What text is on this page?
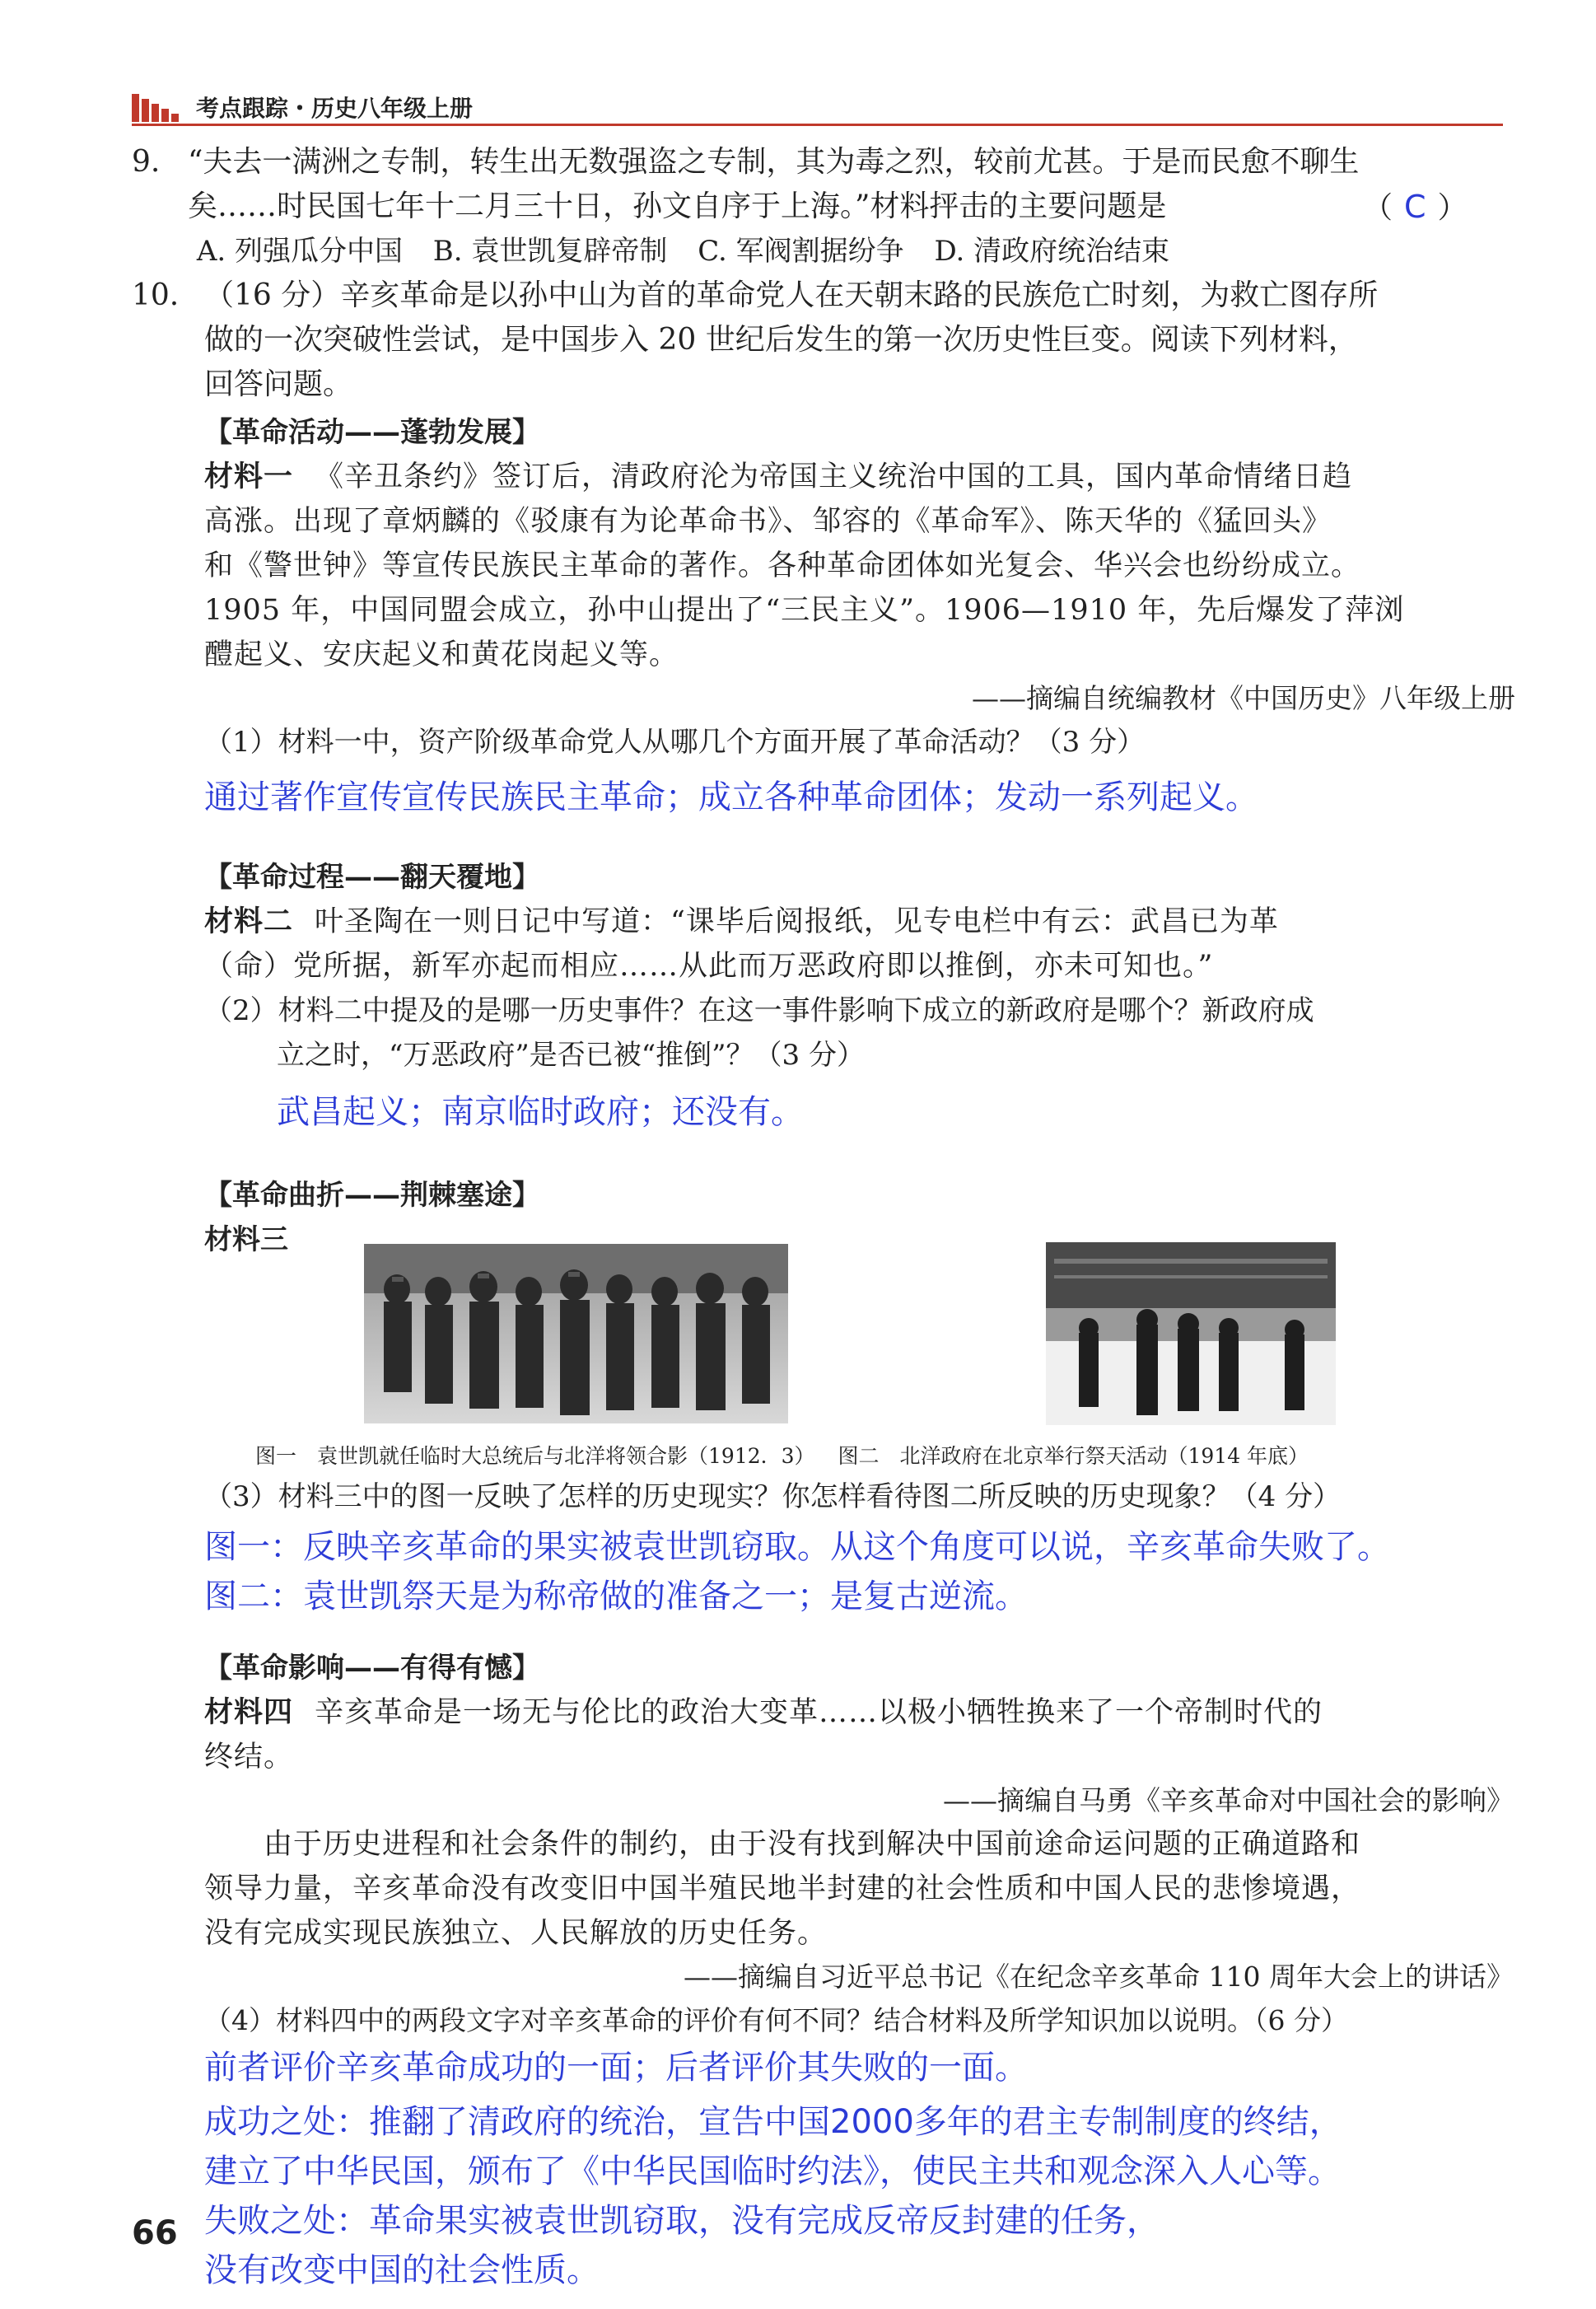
考点跟踪・历史八年级上册
9. “夫去一满洲之专制，转生出无数强盗之专制，其为毒之烈，较前尤甚。于是而民愈不聊生
矣……时民国七年十二月三十日，孙文自序于上海。”材料抨击的主要问题是	（ C ）
A. 列强瓜分中国 B. 袁世凯复辟帝制 C. 军阀割据纷争 D. 清政府统治结束
10. （16 分）辛亥革命是以孙中山为首的革命党人在天朝末路的民族危亡时刻，为救亡图存所
做的一次突破性尝试，是中国步入 20 世纪后发生的第一次历史性巨变。阅读下列材料，
回答问题。
【革命活动——蓬勃发展】
材料一 《辛丑条约》签订后，清政府沦为帝国主义统治中国的工具，国内革命情绪日趋
高涨。出现了章炳麟的《驳康有为论革命书》、邹容的《革命军》、陈天华的《猛回头》
和《警世钟》等宣传民族民主革命的著作。各种革命团体如光复会、华兴会也纷纷成立。
1905 年，中国同盟会成立，孙中山提出了“三民主义”。1906—1910 年，先后爆发了萍浏
醴起义、安庆起义和黄花岗起义等。
——摘编自统编教材《中国历史》八年级上册
（1）材料一中，资产阶级革命党人从哪几个方面开展了革命活动？（3 分）
通过著作宣传宣传民族民主革命；成立各种革命团体；发动一系列起义。
【革命过程——翻天覆地】
材料二 叶圣陶在一则日记中写道：“课毕后阅报纸，见专电栏中有云：武昌已为革
（命）党所据，新军亦起而相应……从此而万恶政府即以推倒，亦未可知也。”
（2）材料二中提及的是哪一历史事件？在这一事件影响下成立的新政府是哪个？新政府成
立之时，“万恶政府”是否已被“推倒”？（3 分）
武昌起义；南京临时政府；还没有。
【革命曲折——荆棘塞途】
材料三
图一　袁世凯就任临时大总统后与北洋将领合影（1912．3） 图二　北洋政府在北京举行祭天活动（1914 年底）
（3）材料三中的图一反映了怎样的历史现实？你怎样看待图二所反映的历史现象？（4 分）
图一：反映辛亥革命的果实被袁世凯窃取。从这个角度可以说，辛亥革命失败了。
图二：袁世凯祭天是为称帝做的准备之一；是复古逆流。
【革命影响——有得有憾】
材料四 辛亥革命是一场无与伦比的政治大变革……以极小牺牲换来了一个帝制时代的
终结。
——摘编自马勇《辛亥革命对中国社会的影响》
由于历史进程和社会条件的制约，由于没有找到解决中国前途命运问题的正确道路和
领导力量，辛亥革命没有改变旧中国半殖民地半封建的社会性质和中国人民的悲惨境遇，
没有完成实现民族独立、人民解放的历史任务。
——摘编自习近平总书记《在纪念辛亥革命 110 周年大会上的讲话》
（4）材料四中的两段文字对辛亥革命的评价有何不同？结合材料及所学知识加以说明。（6 分）
前者评价辛亥革命成功的一面；后者评价其失败的一面。
成功之处：推翻了清政府的统治，宣告中国2000多年的君主专制制度的终结，
建立了中华民国，颁布了《中华民国临时约法》，使民主共和观念深入人心等。
失败之处：革命果实被袁世凯窃取，没有完成反帝反封建的任务，
没有改变中国的社会性质。
66
